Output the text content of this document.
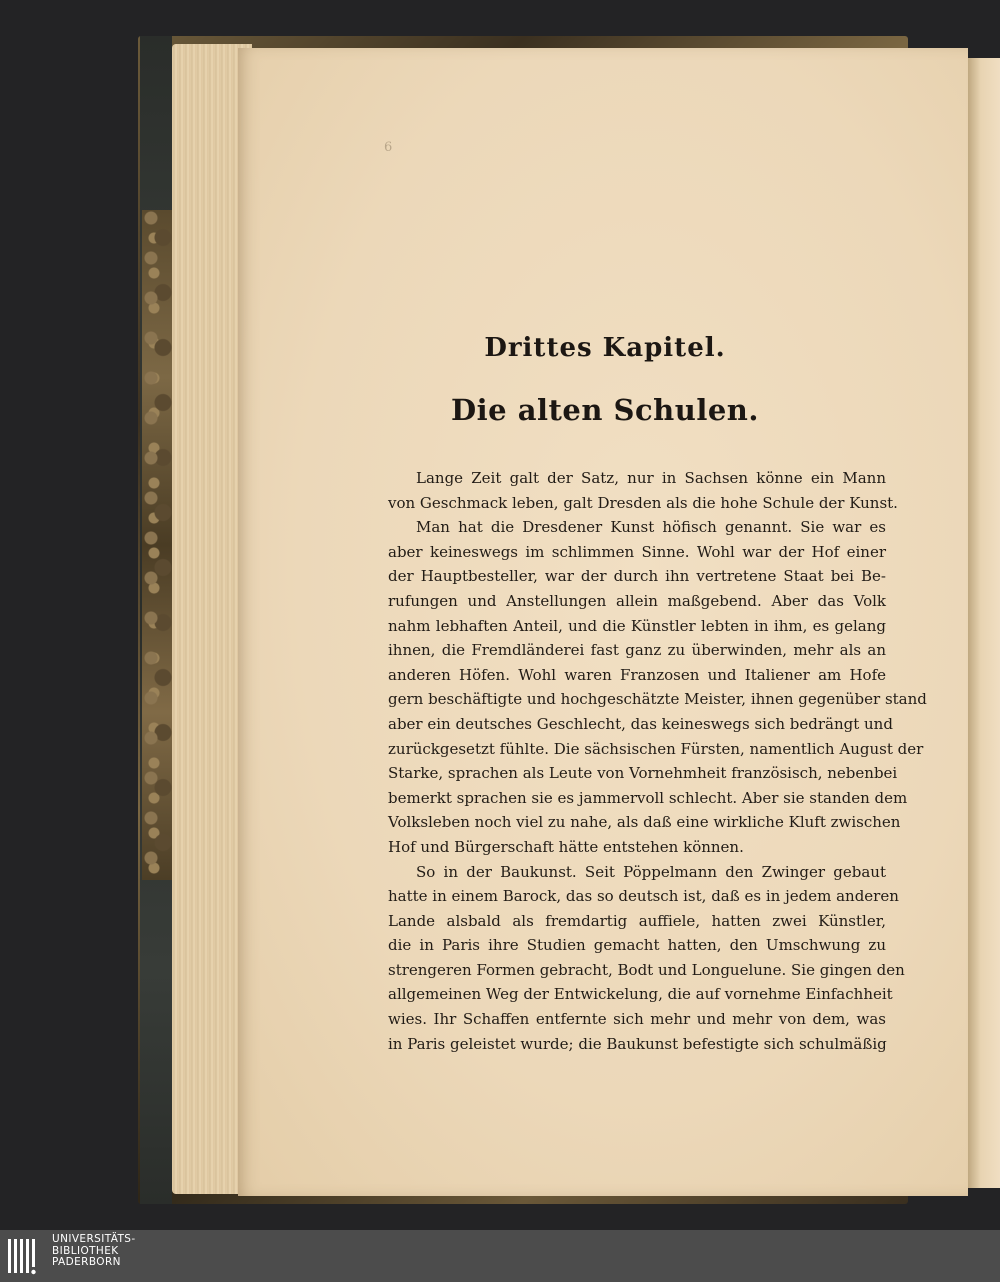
6
Drittes Kapitel.
Die alten Schulen.
Lange Zeit galt der Satz, nur in Sachsen könne ein Mann
von Geschmack leben, galt Dresden als die hohe Schule der Kunst.
Man hat die Dresdener Kunst höfisch genannt. Sie war es
aber keineswegs im schlimmen Sinne. Wohl war der Hof einer
der Hauptbesteller, war der durch ihn vertretene Staat bei Be-
rufungen und Anstellungen allein maßgebend. Aber das Volk
nahm lebhaften Anteil, und die Künstler lebten in ihm, es gelang
ihnen, die Fremdländerei fast ganz zu überwinden, mehr als an
anderen Höfen. Wohl waren Franzosen und Italiener am Hofe
gern beschäftigte und hochgeschätzte Meister, ihnen gegenüber stand
aber ein deutsches Geschlecht, das keineswegs sich bedrängt und
zurückgesetzt fühlte. Die sächsischen Fürsten, namentlich August der
Starke, sprachen als Leute von Vornehmheit französisch, nebenbei
bemerkt sprachen sie es jammervoll schlecht. Aber sie standen dem
Volksleben noch viel zu nahe, als daß eine wirkliche Kluft zwischen
Hof und Bürgerschaft hätte entstehen können.
So in der Baukunst. Seit Pöppelmann den Zwinger gebaut
hatte in einem Barock, das so deutsch ist, daß es in jedem anderen
Lande alsbald als fremdartig auffiele, hatten zwei Künstler,
die in Paris ihre Studien gemacht hatten, den Umschwung zu
strengeren Formen gebracht, Bodt und Longuelune. Sie gingen den
allgemeinen Weg der Entwickelung, die auf vornehme Einfachheit
wies. Ihr Schaffen entfernte sich mehr und mehr von dem, was
in Paris geleistet wurde; die Baukunst befestigte sich schulmäßig
UNIVERSITÄTS-
BIBLIOTHEK
PADERBORN
